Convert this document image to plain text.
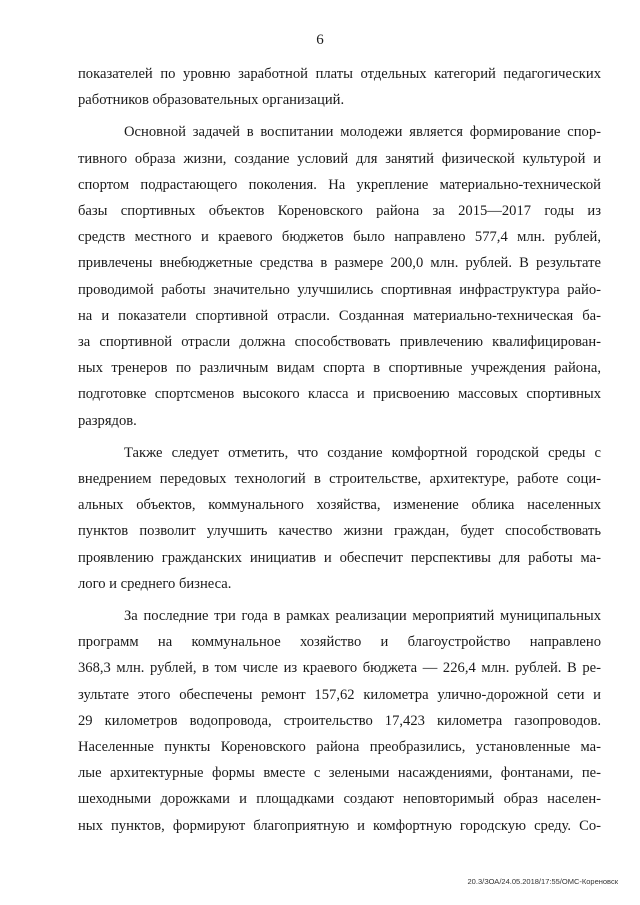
6
показателей по уровню заработной платы отдельных категорий педагогических
работников образовательных организаций.
Основной задачей в воспитании молодежи является формирование спор-
тивного образа жизни, создание условий для занятий физической культурой и
спортом подрастающего поколения. На укрепление материально-технической
базы спортивных объектов Кореновского района за 2015—2017 годы из
средств местного и краевого бюджетов было направлено 577,4 млн. рублей,
привлечены внебюджетные средства в размере 200,0 млн. рублей. В результате
проводимой работы значительно улучшились спортивная инфраструктура райо-
на и показатели спортивной отрасли. Созданная материально-техническая ба-
за спортивной отрасли должна способствовать привлечению квалифицирован-
ных тренеров по различным видам спорта в спортивные учреждения района,
подготовке спортсменов высокого класса и присвоению массовых спортивных
разрядов.
Также следует отметить, что создание комфортной городской среды с
внедрением передовых технологий в строительстве, архитектуре, работе соци-
альных объектов, коммунального хозяйства, изменение облика населенных
пунктов позволит улучшить качество жизни граждан, будет способствовать
проявлению гражданских инициатив и обеспечит перспективы для работы ма-
лого и среднего бизнеса.
За последние три года в рамках реализации мероприятий муниципальных
программ на коммунальное хозяйство и благоустройство направлено
368,3 млн. рублей, в том числе из краевого бюджета — 226,4 млн. рублей. В ре-
зультате этого обеспечены ремонт 157,62 километра улично-дорожной сети и
29 километров водопровода, строительство 17,423 километра газопроводов.
Населенные пункты Кореновского района преобразились, установленные ма-
лые архитектурные формы вместе с зелеными насаждениями, фонтанами, пе-
шеходными дорожками и площадками создают неповторимый образ населен-
ных пунктов, формируют благоприятную и комфортную городскую среду. Со-
20.3/ЗОА/24.05.2018/17:55/ОМС-Кореновск
